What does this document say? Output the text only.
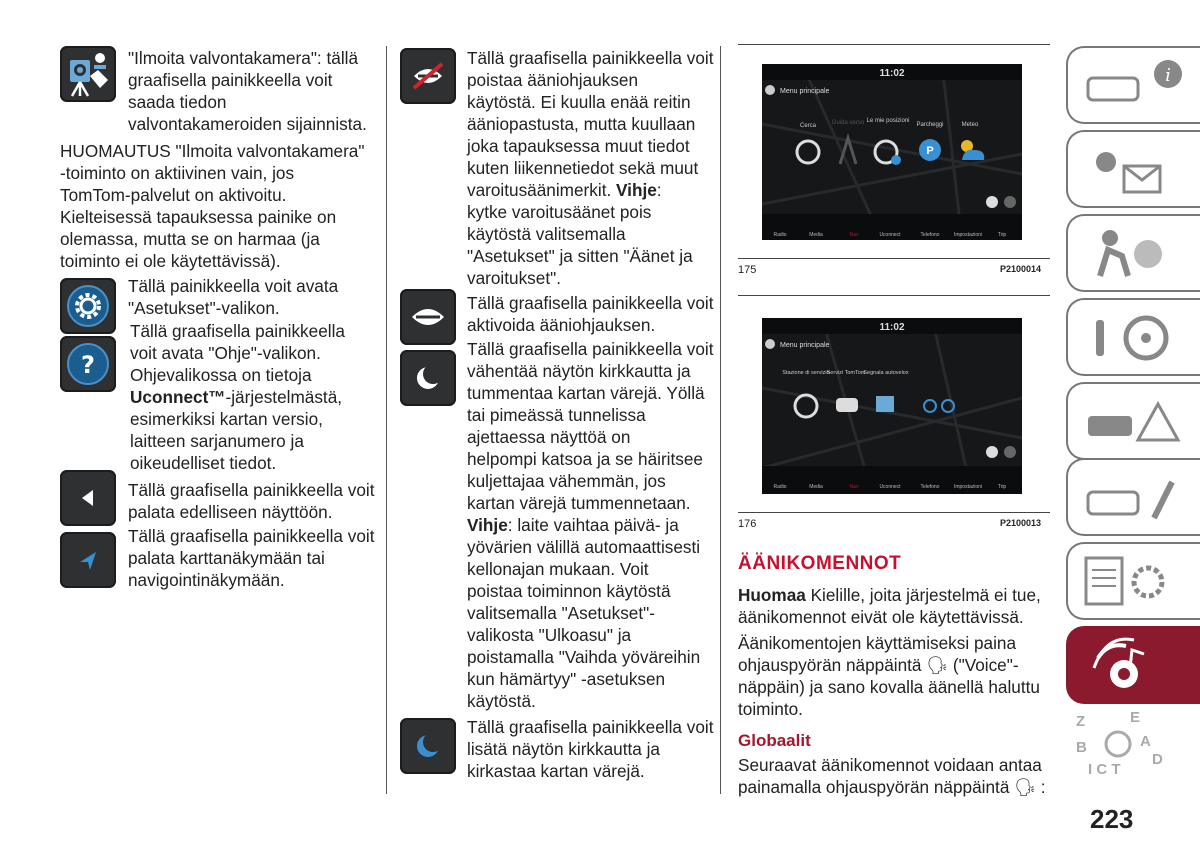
"Ilmoita valvontakamera": tällä
graafisella painikkeella voit
saada tiedon
valvontakameroiden sijainnista.
HUOMAUTUS "Ilmoita valvontakamera"
-toiminto on aktiivinen vain, jos
TomTom-palvelut on aktivoitu.
Kielteisessä tapauksessa painike on
olemassa, mutta se on harmaa (ja
toiminto ei ole käytettävissä).
Tällä painikkeella voit avata
"Asetukset"-valikon.
?
Tällä graafisella painikkeella
voit avata "Ohje"-valikon.
Ohjevalikossa on tietoja
Uconnect™-järjestelmästä,
esimerkiksi kartan versio,
laitteen sarjanumero ja
oikeudelliset tiedot.
Tällä graafisella painikkeella voit
palata edelliseen näyttöön.
Tällä graafisella painikkeella voit
palata karttanäkymään tai
navigointinäkymään.
Tällä graafisella painikkeella voit
poistaa ääniohjauksen
käytöstä. Ei kuulla enää reitin
ääniopastusta, mutta kuullaan
joka tapauksessa muut tiedot
kuten liikennetiedot sekä muut
varoitusäänimerkit. Vihje:
kytke varoitusäänet pois
käytöstä valitsemalla
"Asetukset" ja sitten "Äänet ja
varoitukset".
Tällä graafisella painikkeella voit
aktivoida ääniohjauksen.
Tällä graafisella painikkeella voit
vähentää näytön kirkkautta ja
tummentaa kartan värejä. Yöllä
tai pimeässä tunnelissa
ajettaessa näyttöä on
helpompi katsoa ja se häiritsee
kuljettajaa vähemmän, jos
kartan värejä tummennetaan.
Vihje: laite vaihtaa päivä- ja
yövärien välillä automaattisesti
kellonajan mukaan. Voit
poistaa toiminnon käytöstä
valitsemalla "Asetukset"-
valikosta "Ulkoasu" ja
poistamalla "Vaihda yöväreihin
kun hämärtyy" -asetuksen
käytöstä.
Tällä graafisella painikkeella voit
lisätä näytön kirkkautta ja
kirkastaa kartan värejä.
11:02
Menu principale
Cerca	Guida verso Le mie posizioni
Parcheggi	Meteo
P
Radio	Media	Nav	Uconnect	Telefono	Impostazioni	Trip
175	P2100014
11:02
Menu principale
Stazione di servizio
Servizi TomTom
Segnala autovelox
Radio	Media	Nav	Uconnect	Telefono	Impostazioni	Trip
176	P2100013
ÄÄNIKOMENNOT
Huomaa Kielille, joita järjestelmä ei tue,
äänikomennot eivät ole käytettävissä.
Äänikomentojen käyttämiseksi paina
ohjauspyörän näppäintä 🗣 ("Voice"-
näppäin) ja sano kovalla äänellä haluttu
toiminto.
Globaalit
Seuraavat äänikomennot voidaan antaa
painamalla ohjauspyörän näppäintä 🗣 :
i
Z	E
B	A
I C T
D
223
